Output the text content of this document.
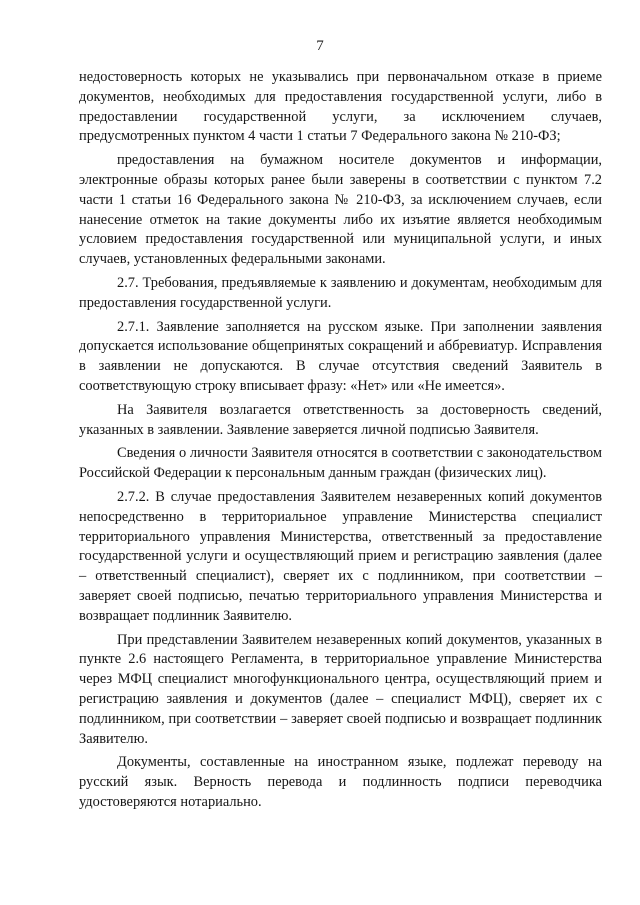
7

недостоверность которых не указывались при первоначальном отказе в приеме документов, необходимых для предоставления государственной услуги, либо в предоставлении государственной услуги, за исключением случаев, предусмотренных пунктом 4 части 1 статьи 7 Федерального закона № 210-ФЗ;

предоставления на бумажном носителе документов и информации, электронные образы которых ранее были заверены в соответствии с пунктом 7.2 части 1 статьи 16 Федерального закона № 210-ФЗ, за исключением случаев, если нанесение отметок на такие документы либо их изъятие является необходимым условием предоставления государственной или муниципальной услуги, и иных случаев, установленных федеральными законами.

2.7. Требования, предъявляемые к заявлению и документам, необходимым для предоставления государственной услуги.

2.7.1. Заявление заполняется на русском языке. При заполнении заявления допускается использование общепринятых сокращений и аббревиатур. Исправления в заявлении не допускаются. В случае отсутствия сведений Заявитель в соответствующую строку вписывает фразу: «Нет» или «Не имеется».

На Заявителя возлагается ответственность за достоверность сведений, указанных в заявлении. Заявление заверяется личной подписью Заявителя.

Сведения о личности Заявителя относятся в соответствии с законодательством Российской Федерации к персональным данным граждан (физических лиц).

2.7.2. В случае предоставления Заявителем незаверенных копий документов непосредственно в территориальное управление Министерства специалист территориального управления Министерства, ответственный за предоставление государственной услуги и осуществляющий прием и регистрацию заявления (далее – ответственный специалист), сверяет их с подлинником, при соответствии – заверяет своей подписью, печатью территориального управления Министерства и возвращает подлинник Заявителю.

При представлении Заявителем незаверенных копий документов, указанных в пункте 2.6 настоящего Регламента, в территориальное управление Министерства через МФЦ специалист многофункционального центра, осуществляющий прием и регистрацию заявления и документов (далее – специалист МФЦ), сверяет их с подлинником, при соответствии – заверяет своей подписью и возвращает подлинник Заявителю.

Документы, составленные на иностранном языке, подлежат переводу на русский язык. Верность перевода и подлинность подписи переводчика удостоверяются нотариально.
